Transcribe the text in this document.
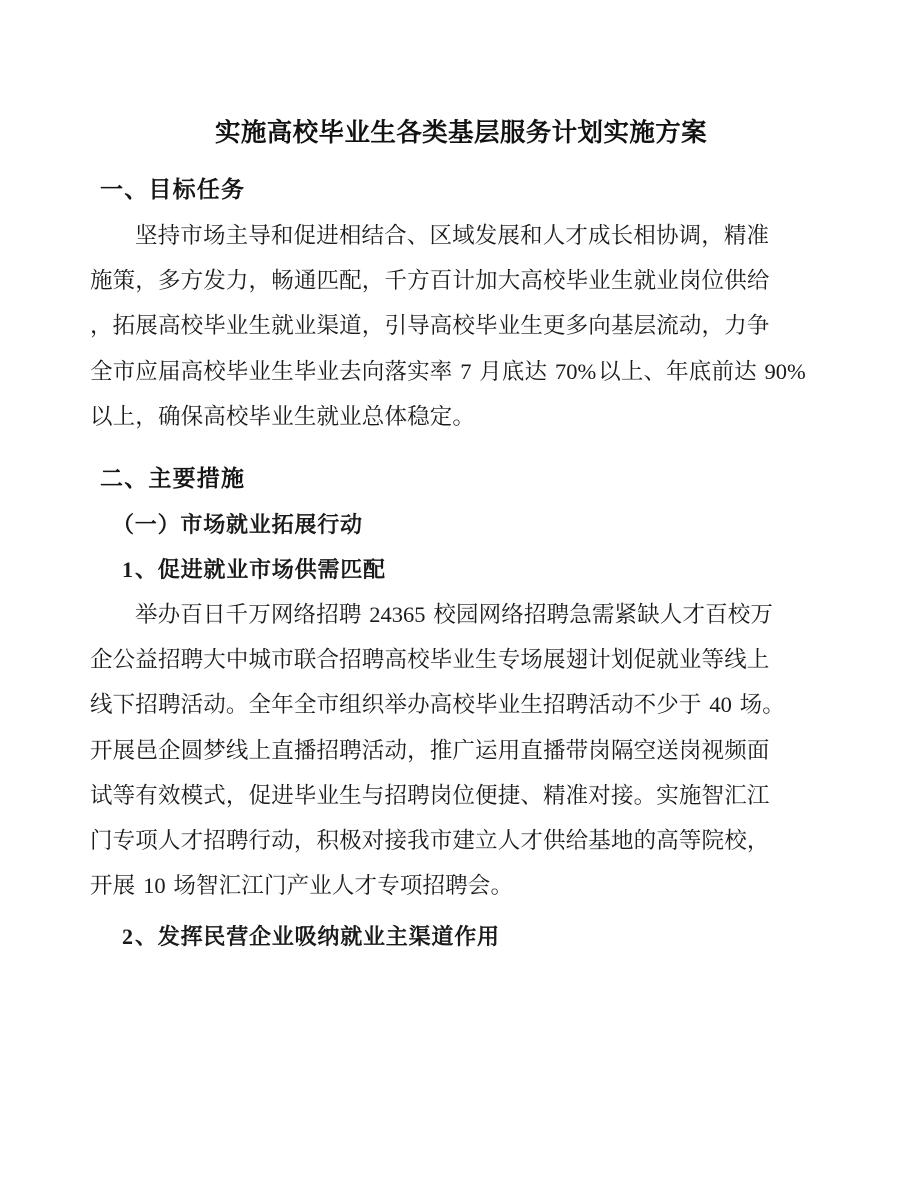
实施高校毕业生各类基层服务计划实施方案
一、目标任务

坚持市场主导和促进相结合、区域发展和人才成长相协调，精准
施策，多方发力，畅通匹配，千方百计加大高校毕业生就业岗位供给
，拓展高校毕业生就业渠道，引导高校毕业生更多向基层流动，力争
全市应届高校毕业生毕业去向落实率 7 月底达 70%以上、年底前达 90%
以上，确保高校毕业生就业总体稳定。

二、主要措施
（一）市场就业拓展行动
1、促进就业市场供需匹配

举办百日千万网络招聘 24365 校园网络招聘急需紧缺人才百校万
企公益招聘大中城市联合招聘高校毕业生专场展翅计划促就业等线上
线下招聘活动。全年全市组织举办高校毕业生招聘活动不少于 40 场。
开展邑企圆梦线上直播招聘活动，推广运用直播带岗隔空送岗视频面
试等有效模式，促进毕业生与招聘岗位便捷、精准对接。实施智汇江
门专项人才招聘行动，积极对接我市建立人才供给基地的高等院校，
开展 10 场智汇江门产业人才专项招聘会。

2、发挥民营企业吸纳就业主渠道作用
